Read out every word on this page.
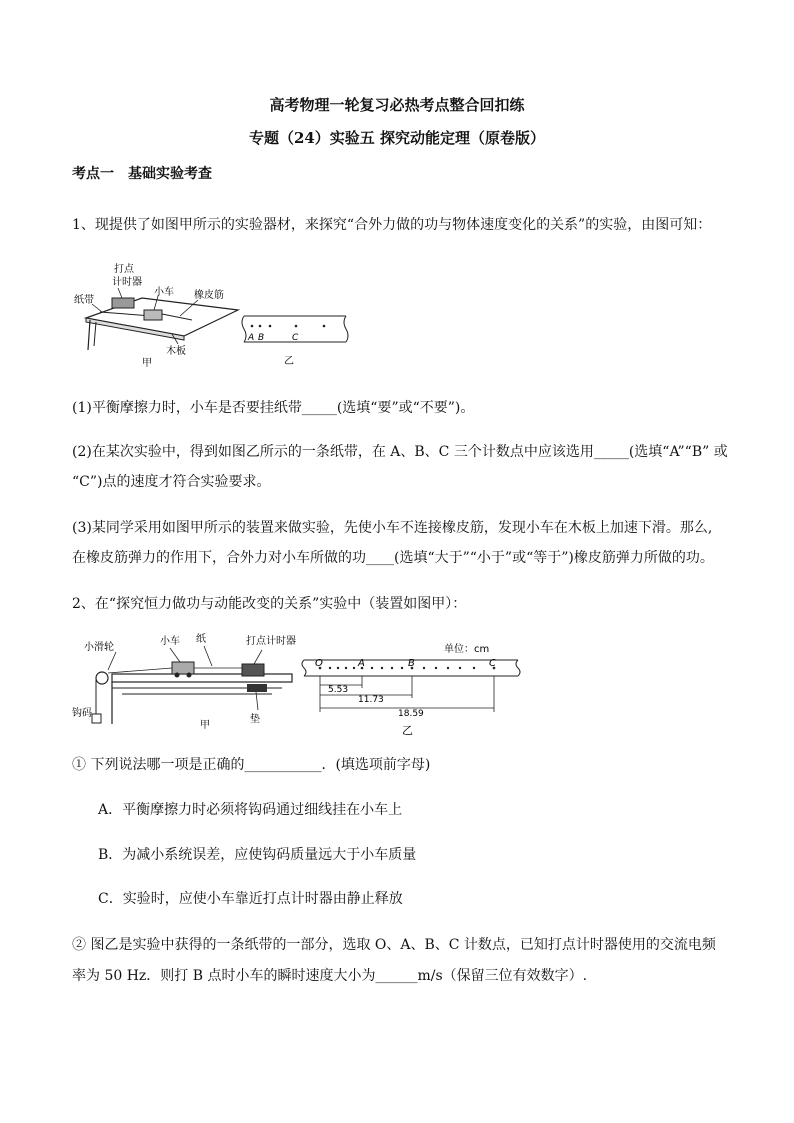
高考物理一轮复习必热考点整合回扣练
专题（24）实验五 探究动能定理（原卷版）
考点一　基础实验考查
1、现提供了如图甲所示的实验器材，来探究“合外力做的功与物体速度变化的关系”的实验，由图可知：
打点
计时器
小车
纸带	橡皮筋
木板
甲
A B	C
乙
(1)平衡摩擦力时，小车是否要挂纸带_____(选填“要”或“不要”)。
(2)在某次实验中，得到如图乙所示的一条纸带，在 A、B、C 三个计数点中应该选用_____(选填“A”“B” 或
“C”)点的速度才符合实验要求。
(3)某同学采用如图甲所示的装置来做实验，先使小车不连接橡皮筋，发现小车在木板上加速下滑。那么,
在橡皮筋弹力的作用下，合外力对小车所做的功____(选填“大于”“小于”或“等于”)橡皮筋弹力所做的功。
2、在“探究恒力做功与动能改变的关系”实验中（装置如图甲）：
小滑轮
小车 纸	打点计时器
钩码
垫
甲
单位：cm
O	A	B	C
5.53
11.73
18.59
乙
① 下列说法哪一项是正确的___________．(填选项前字母)
A．平衡摩擦力时必须将钩码通过细线挂在小车上
B．为减小系统误差，应使钩码质量远大于小车质量
C．实验时，应使小车靠近打点计时器由静止释放
② 图乙是实验中获得的一条纸带的一部分，选取 O、A、B、C 计数点，已知打点计时器使用的交流电频
率为 50 Hz．则打 B 点时小车的瞬时速度大小为______m/s（保留三位有效数字）.
